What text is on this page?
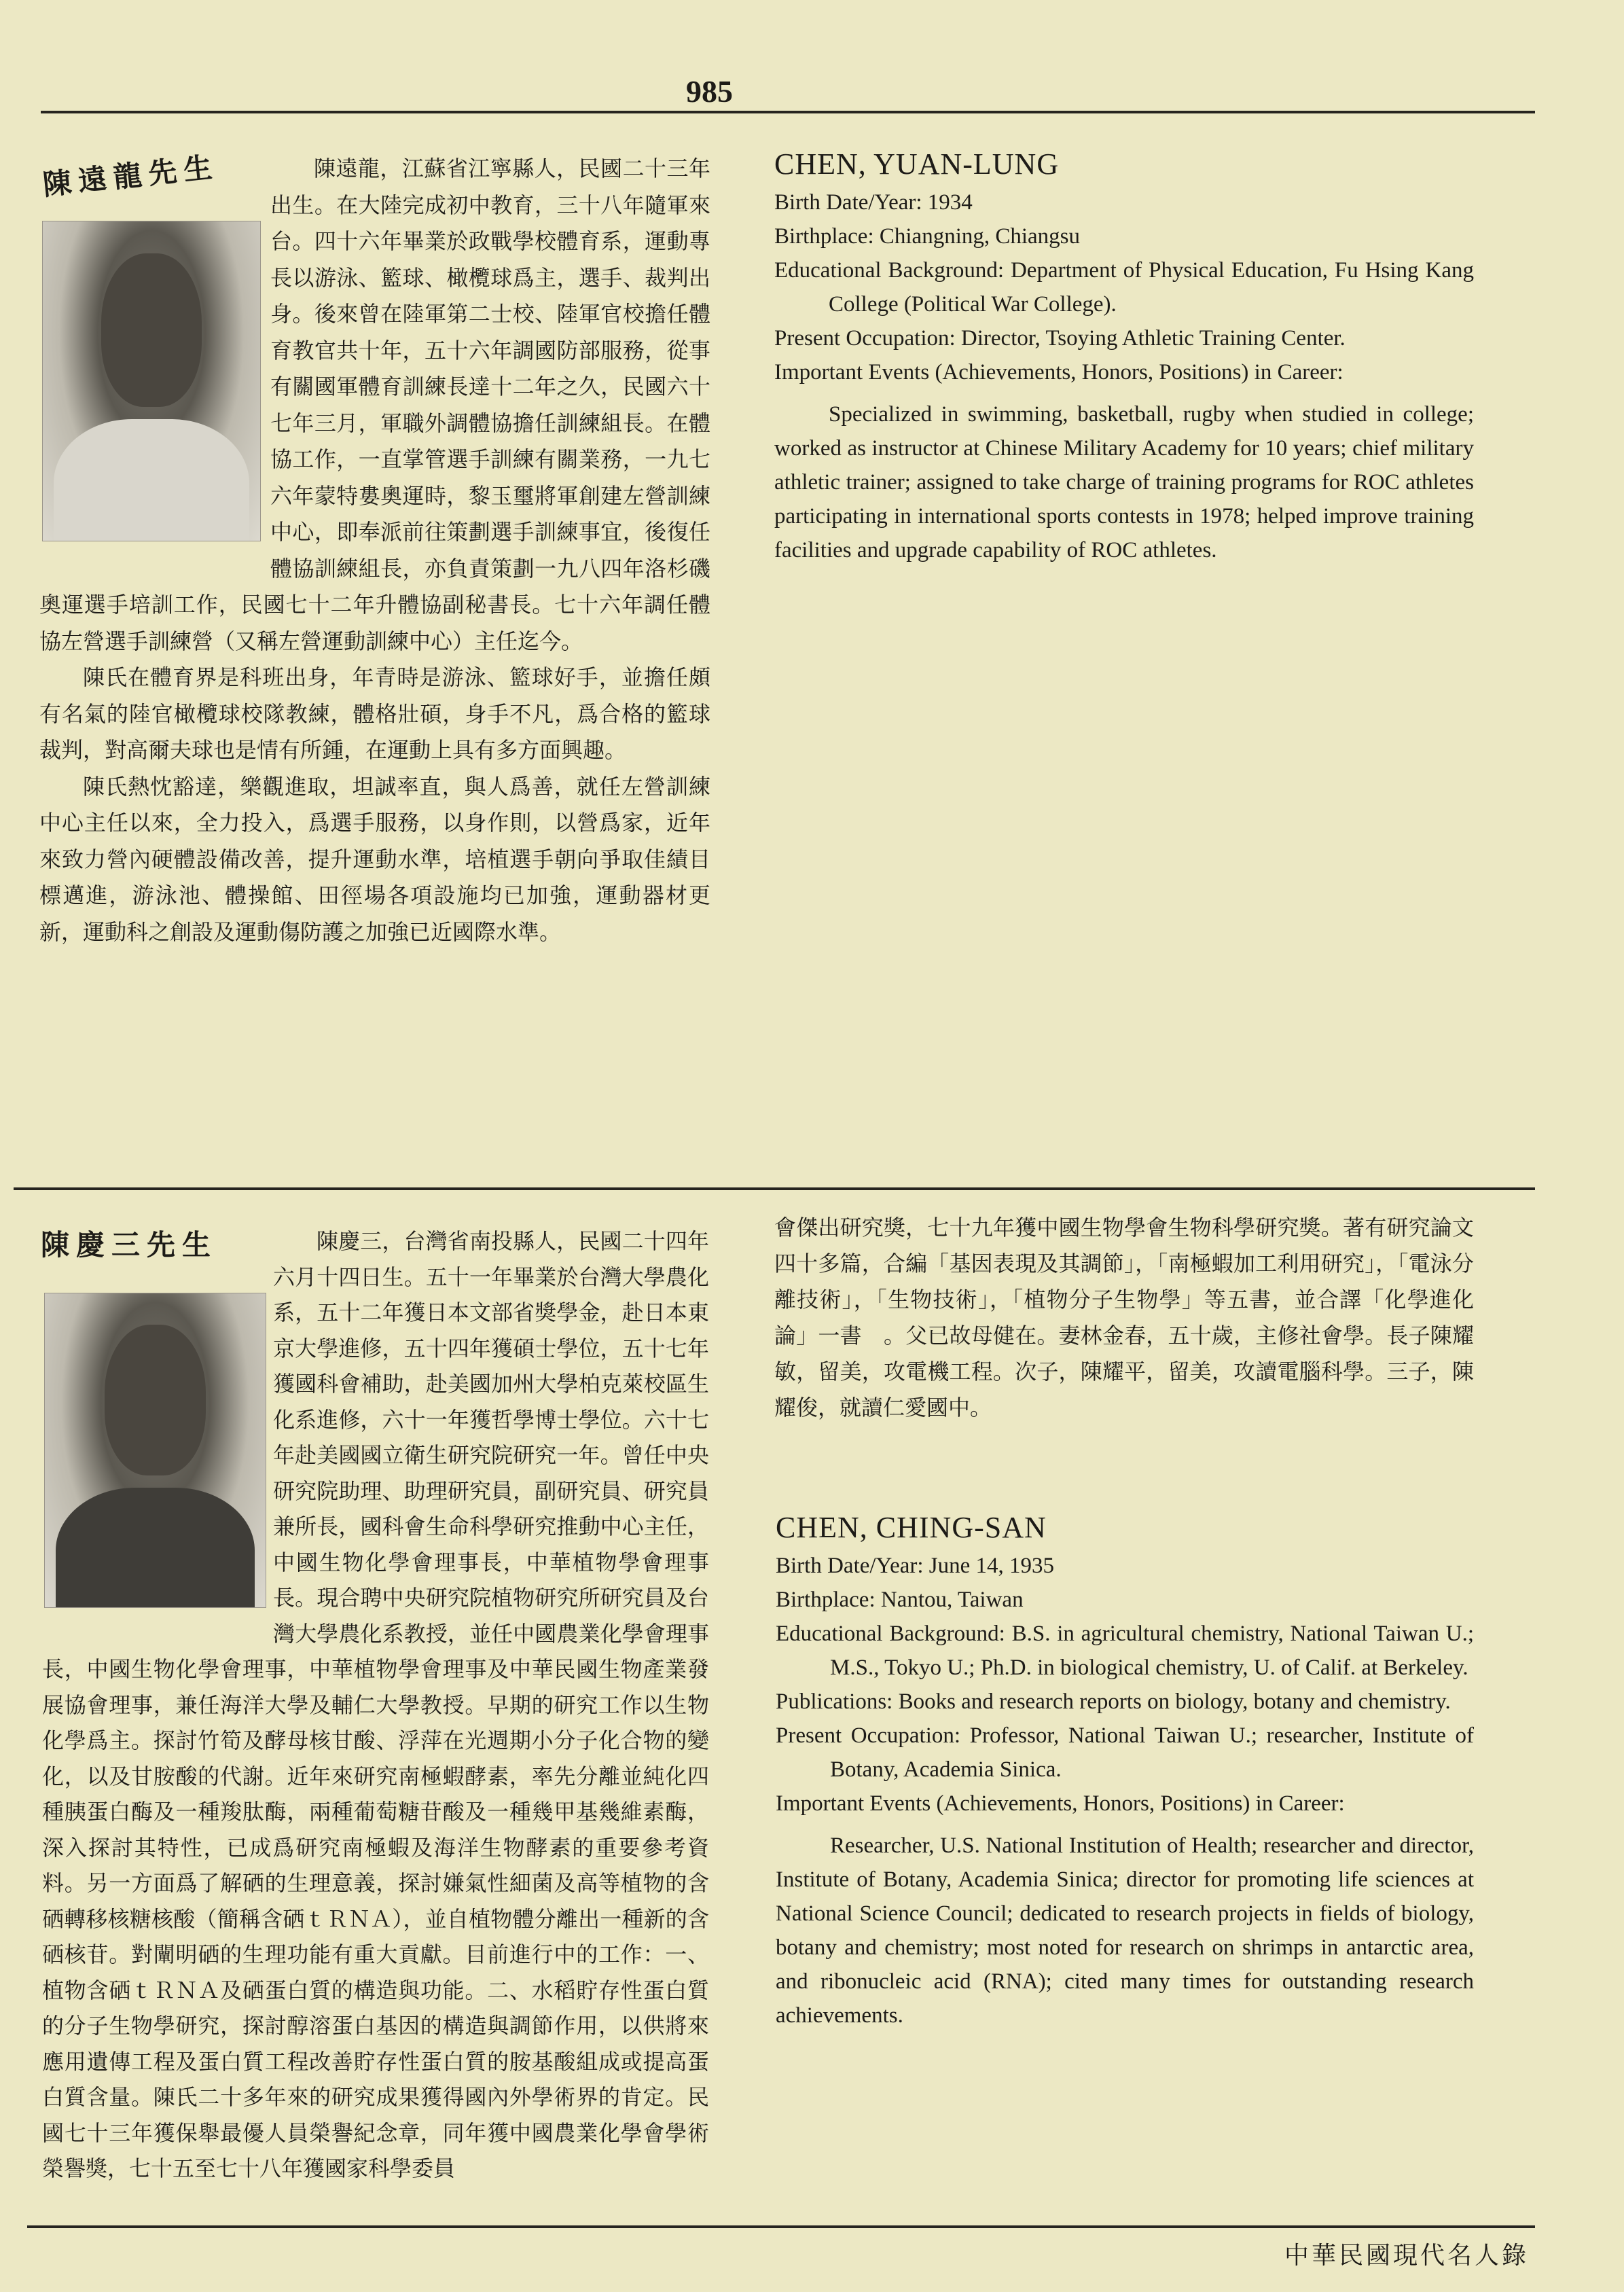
985
陳遠龍先生	陳遠龍，江蘇省江寧縣人，民國二十三年出生。在大陸完成初中教育，三十八年隨軍來台。四十六年畢業於政戰學校體育系，運動專長以游泳、籃球、橄欖球爲主，選手、裁判出身。後來曾在陸軍第二士校、陸軍官校擔任體育教官共十年，五十六年調國防部服務，從事有關國軍體育訓練長達十二年之久，民國六十七年三月，軍職外調體協擔任訓練組長。在體協工作，一直掌管選手訓練有關業務，一九七六年蒙特婁奧運時，黎玉璽將軍創建左營訓練中心，即奉派前往策劃選手訓練事宜，後復任體協訓練組長，亦負責策劃一九八四年洛杉磯奧運選手培訓工作，民國七十二年升體協副秘書長。七十六年調任體協左營選手訓練營（又稱左營運動訓練中心）主任迄今。

陳氏在體育界是科班出身，年青時是游泳、籃球好手，並擔任頗有名氣的陸官橄欖球校隊教練，體格壯碩，身手不凡，爲合格的籃球裁判，對高爾夫球也是情有所鍾，在運動上具有多方面興趣。

陳氏熱忱豁達，樂觀進取，坦誠率直，與人爲善，就任左營訓練中心主任以來，全力投入，爲選手服務，以身作則，以營爲家，近年來致力營內硬體設備改善，提升運動水準，培植選手朝向爭取佳績目標邁進，游泳池、體操館、田徑場各項設施均已加強，運動器材更新，運動科之創設及運動傷防護之加強已近國際水準。

CHEN, YUAN-LUNG
Birth Date/Year: 1934
Birthplace: Chiangning, Chiangsu
Educational Background: Department of Physical Education, Fu Hsing Kang College (Political War College).
Present Occupation: Director, Tsoying Athletic Training Center.
Important Events (Achievements, Honors, Positions) in Career:
Specialized in swimming, basketball, rugby when studied in college; worked as instructor at Chinese Military Academy for 10 years; chief military athletic trainer; assigned to take charge of training programs for ROC athletes participating in international sports contests in 1978; helped improve training facilities and upgrade capability of ROC athletes.
陳慶三先生	陳慶三，台灣省南投縣人，民國二十四年六月十四日生。五十一年畢業於台灣大學農化系，五十二年獲日本文部省獎學金，赴日本東京大學進修，五十四年獲碩士學位，五十七年獲國科會補助，赴美國加州大學柏克萊校區生化系進修，六十一年獲哲學博士學位。六十七年赴美國國立衛生研究院研究一年。曾任中央研究院助理、助理研究員，副研究員、研究員兼所長，國科會生命科學研究推動中心主任，中國生物化學會理事長，中華植物學會理事長。現合聘中央研究院植物研究所研究員及台灣大學農化系教授，並任中國農業化學會理事長，中國生物化學會理事，中華植物學會理事及中華民國生物產業發展協會理事，兼任海洋大學及輔仁大學教授。早期的研究工作以生物化學爲主。探討竹筍及酵母核甘酸、浮萍在光週期小分子化合物的變化，以及甘胺酸的代謝。近年來研究南極蝦酵素，率先分離並純化四種胰蛋白酶及一種羧肽酶，兩種葡萄糖苷酸及一種幾甲基幾維素酶，深入探討其特性，已成爲研究南極蝦及海洋生物酵素的重要參考資料。另一方面爲了解硒的生理意義，探討嫌氣性細菌及高等植物的含硒轉移核糖核酸（簡稱含硒ｔＲＮＡ），並自植物體分離出一種新的含硒核苷。對闡明硒的生理功能有重大貢獻。目前進行中的工作：一、植物含硒ｔＲＮＡ及硒蛋白質的構造與功能。二、水稻貯存性蛋白質的分子生物學研究，探討醇溶蛋白基因的構造與調節作用，以供將來應用遺傳工程及蛋白質工程改善貯存性蛋白質的胺基酸組成或提高蛋白質含量。陳氏二十多年來的研究成果獲得國內外學術界的肯定。民國七十三年獲保舉最優人員榮譽紀念章，同年獲中國農業化學會學術榮譽獎，七十五至七十八年獲國家科學委員

會傑出研究獎，七十九年獲中國生物學會生物科學研究獎。著有研究論文四十多篇，合編「基因表現及其調節」，「南極蝦加工利用研究」，「電泳分離技術」，「生物技術」，「植物分子生物學」等五書，並合譯「化學進化論」一書　。父已故母健在。妻林金春，五十歲，主修社會學。長子陳耀敏，留美，攻電機工程。次子，陳耀平，留美，攻讀電腦科學。三子，陳耀俊，就讀仁愛國中。
CHEN, CHING-SAN
Birth Date/Year: June 14, 1935
Birthplace: Nantou, Taiwan
Educational Background: B.S. in agricultural chemistry, National Taiwan U.; M.S., Tokyo U.; Ph.D. in biological chemistry, U. of Calif. at Berkeley.
Publications: Books and research reports on biology, botany and chemistry.
Present Occupation: Professor, National Taiwan U.; researcher, Institute of Botany, Academia Sinica.
Important Events (Achievements, Honors, Positions) in Career:
Researcher, U.S. National Institution of Health; researcher and director, Institute of Botany, Academia Sinica; director for promoting life sciences at National Science Council; dedicated to research projects in fields of biology, botany and chemistry; most noted for research on shrimps in antarctic area, and ribonucleic acid (RNA); cited many times for outstanding research achievements.
中華民國現代名人錄
